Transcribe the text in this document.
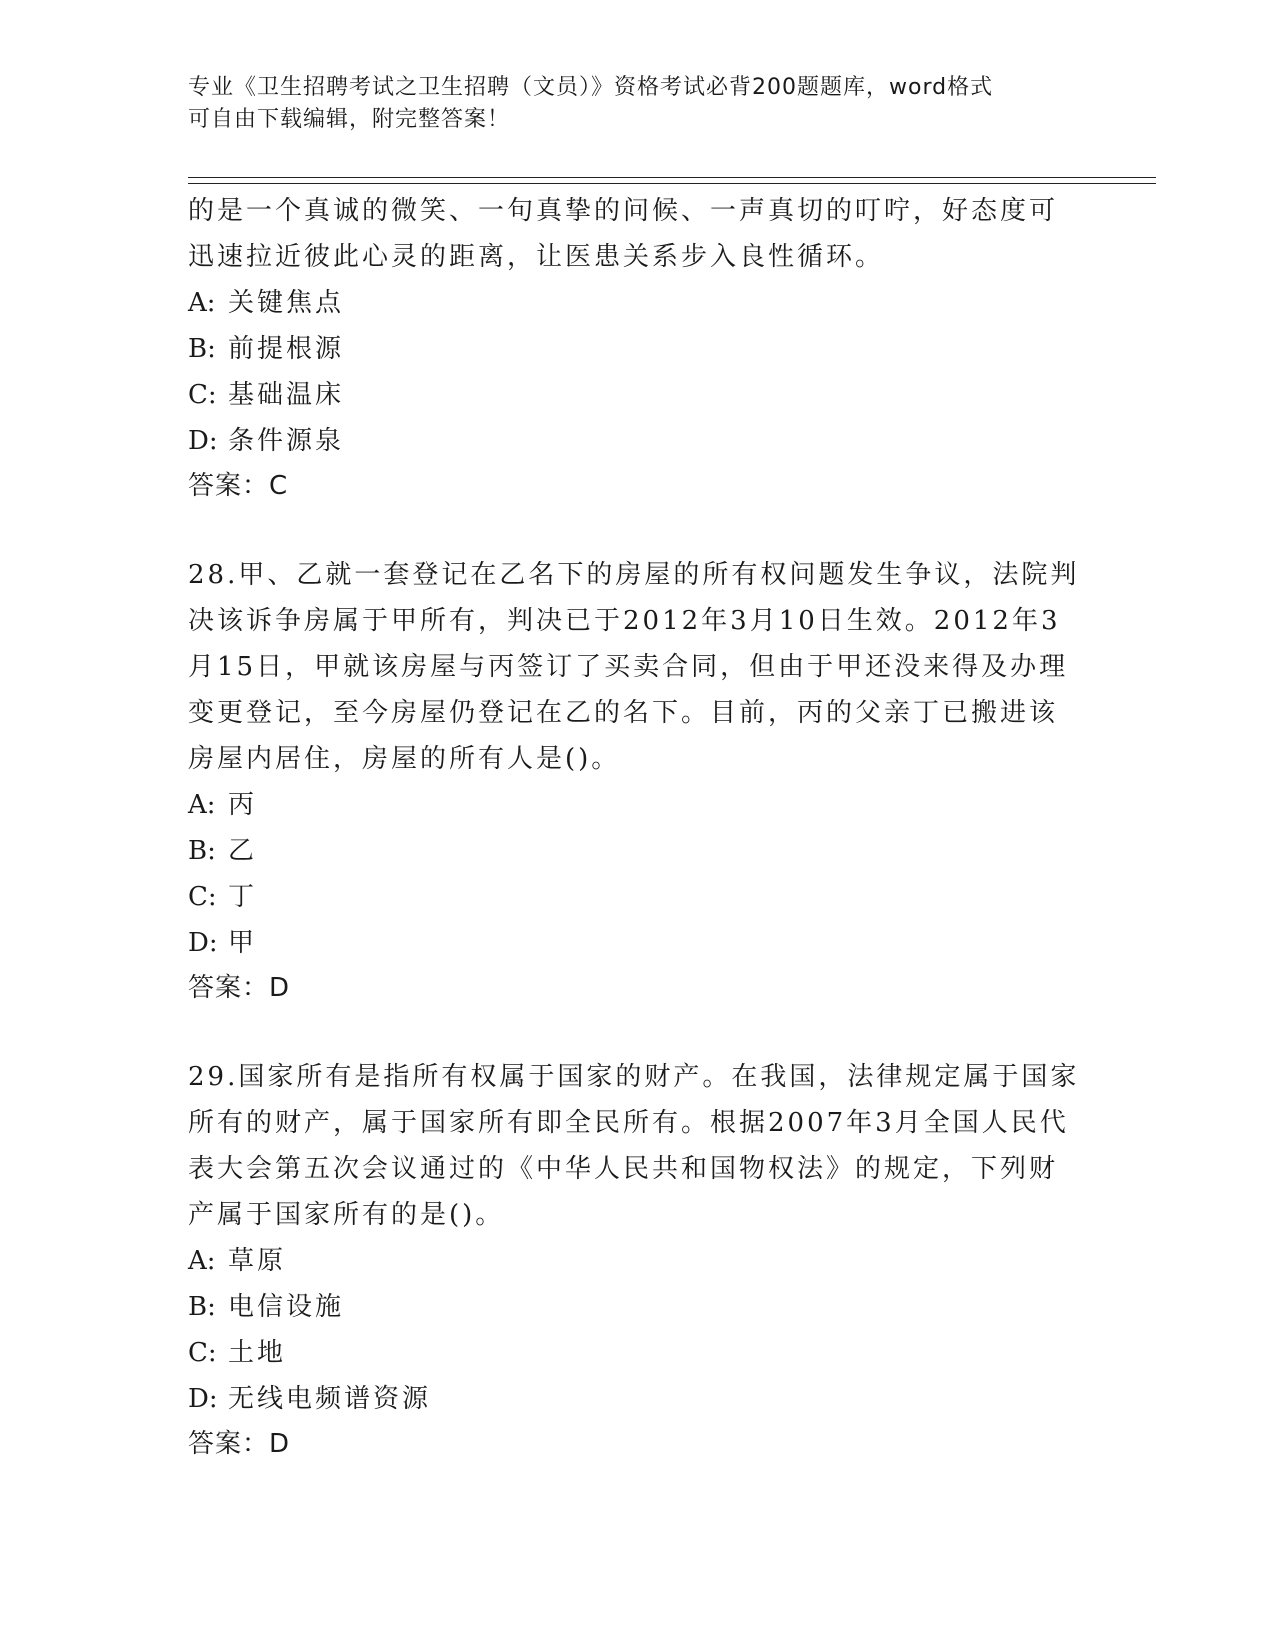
专业《卫生招聘考试之卫生招聘（文员）》资格考试必背200题题库，word格式
可自由下载编辑，附完整答案！

的是一个真诚的微笑、一句真挚的问候、一声真切的叮咛，好态度可
迅速拉近彼此心灵的距离，让医患关系步入良性循环。

A: 关键焦点
B: 前提根源
C: 基础温床
D: 条件源泉
答案：C

28.甲、乙就一套登记在乙名下的房屋的所有权问题发生争议，法院判
决该诉争房属于甲所有，判决已于2012年3月10日生效。2012年3
月15日，甲就该房屋与丙签订了买卖合同，但由于甲还没来得及办理
变更登记，至今房屋仍登记在乙的名下。目前，丙的父亲丁已搬进该
房屋内居住，房屋的所有人是()。

A: 丙
B: 乙
C: 丁
D: 甲
答案：D

29.国家所有是指所有权属于国家的财产。在我国，法律规定属于国家
所有的财产，属于国家所有即全民所有。根据2007年3月全国人民代
表大会第五次会议通过的《中华人民共和国物权法》的规定，下列财
产属于国家所有的是()。

A: 草原
B: 电信设施
C: 土地
D: 无线电频谱资源
答案：D
